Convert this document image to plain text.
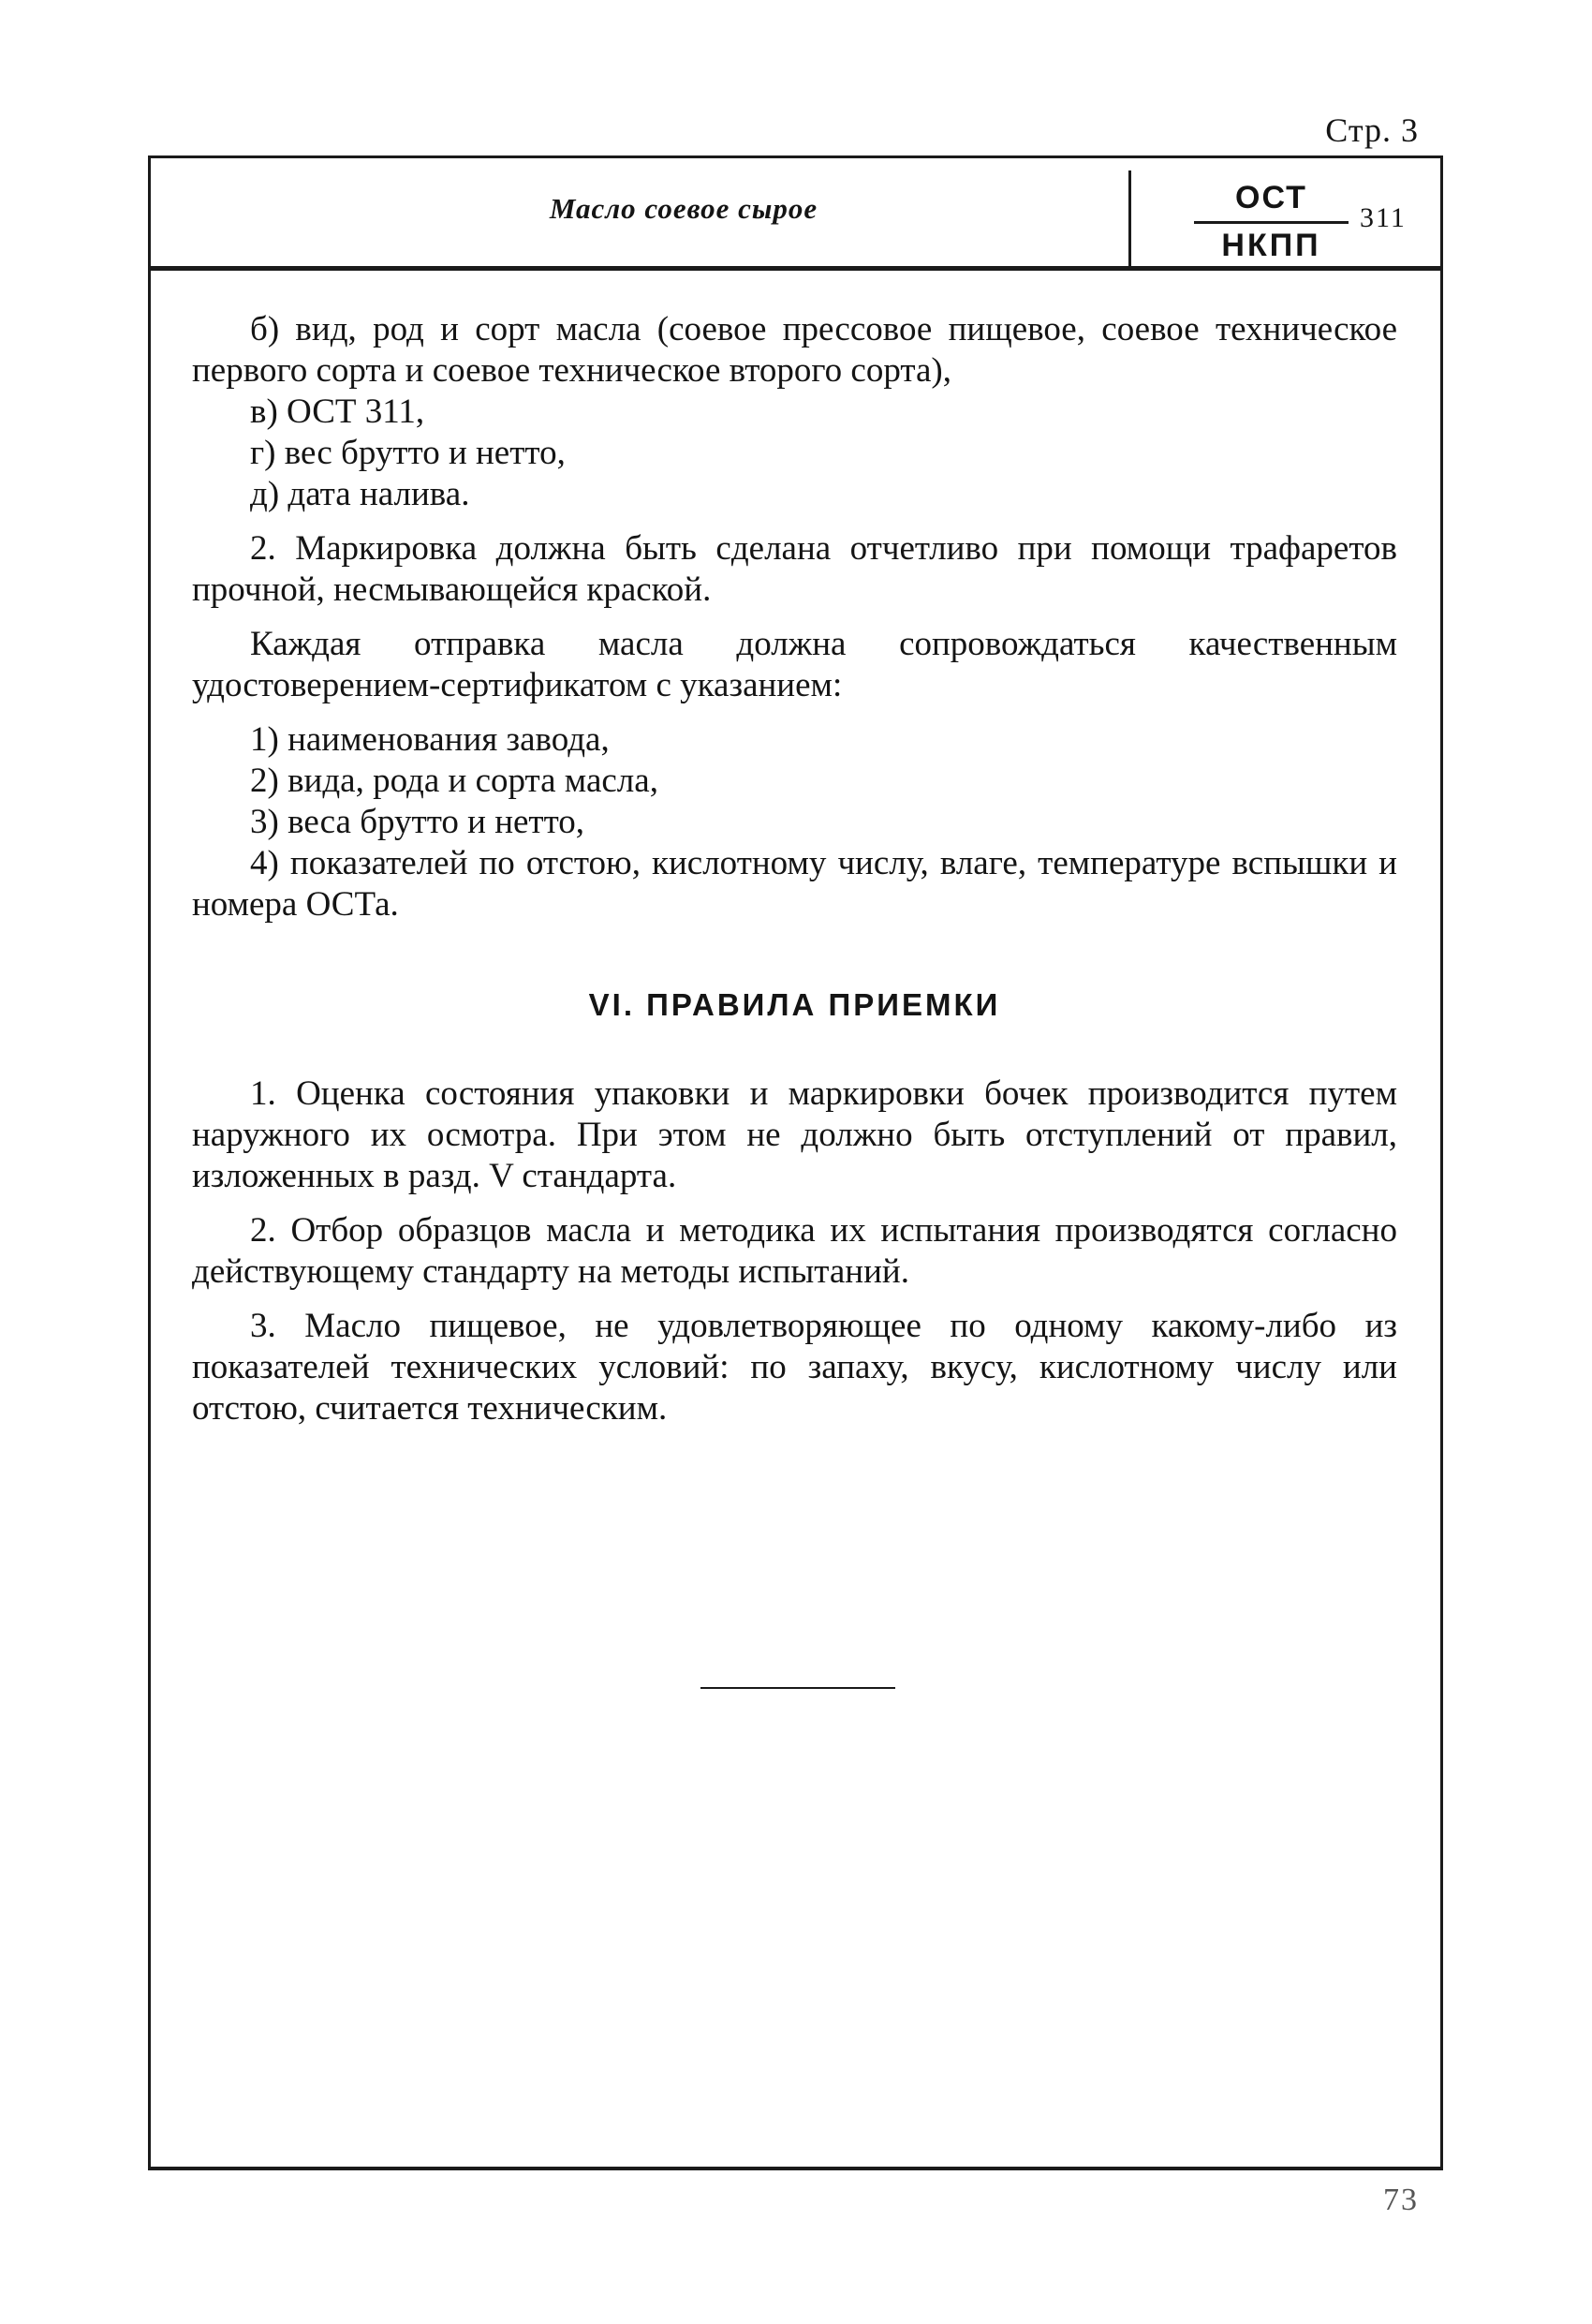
Стр. 3
Масло соевое сырое	ОСТ
НКПП
311

б) вид, род и сорт масла (соевое прессовое пищевое, соевое техническое первого сорта и соевое техническое второго сорта),

в) ОСТ 311,

г) вес брутто и нетто,

д) дата налива.

2. Маркировка должна быть сделана отчетливо при помощи трафаретов прочной, несмывающейся краской.

Каждая отправка масла должна сопровождаться качественным удостоверением-сертификатом с указанием:

1) наименования завода,

2) вида, рода и сорта масла,

3) веса брутто и нетто,

4) показателей по отстою, кислотному числу, влаге, температуре вспышки и номера ОСТа.

VI. ПРАВИЛА ПРИЕМКИ

1. Оценка состояния упаковки и маркировки бочек производится путем наружного их осмотра. При этом не должно быть отступлений от правил, изложенных в разд. V стандарта.

2. Отбор образцов масла и методика их испытания производятся согласно действующему стандарту на методы испытаний.

3. Масло пищевое, не удовлетворяющее по одному какому-либо из показателей технических условий: по запаху, вкусу, кислотному числу или отстою, считается техническим.

73
